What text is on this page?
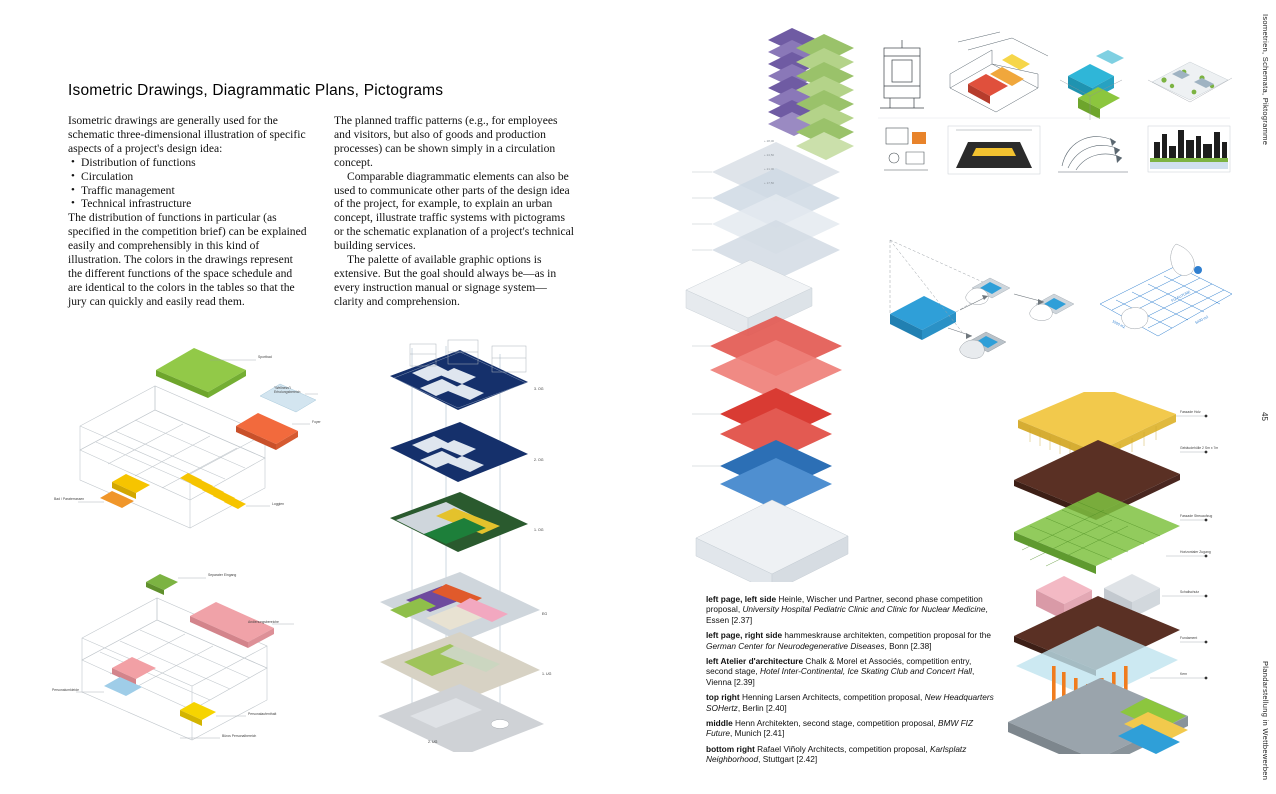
Isometric Drawings, Diagrammatic Plans, Pictograms

Isometric drawings are generally used for the schematic three-dimensional illustration of specific aspects of a project's design idea:

• Distribution of functions
• Circulation
• Traffic management
• Technical infrastructure

The distribution of functions in particular (as specified in the competition brief) can be explained easily and comprehensibly in this kind of illustration. The colors in the drawings represent the different functions of the space schedule and are identical to the colors in the tables so that the jury can quickly and easily read them.

The planned traffic patterns (e.g., for employees and visitors, but also of goods and production processes) can be shown simply in a circulation concept.

Comparable diagrammatic elements can also be used to communicate other parts of the design idea of the project, for example, to explain an urban concept, illustrate traffic systems with pictograms or the schematic explanation of a project's technical building services.

The palette of available graphic options is extensive. But the goal should always be—as in every instruction manual or signage system—clarity and comprehension.

Sportbad
"Wellness"/ Erholungsbereich
Foyer
Bad / Paraterrassen
Loggien
Separater Eingang
Andienungsbereiche
Personalumkleide
Personalaufenthalt
Büros Personalbereich
3. OG
2. OG
1. OG
EG
1. UG
2. UG
+ 28,00
+ 24,50
+ 21,00
+ 17,50
FIZ FUTURE
1500 m2	5400 m2
Fassade Holz
Gebäudehülle 2 Sm x 7m
Fassade Streuaufzug
Horizontaler Zugang
Schallschutz
Fundament
Kern
left page, left side Heinle, Wischer und Partner, second phase competition proposal, University Hospital Pediatric Clinic and Clinic for Nuclear Medicine, Essen [2.37]
left page, right side hammeskrause architekten, competition proposal for the German Center for Neurodegenerative Diseases, Bonn [2.38]
left Atelier d'architecture Chalk & Morel et Associés, competition entry, second stage, Hotel Inter-Continental, Ice Skating Club and Concert Hall, Vienna [2.39]
top right Henning Larsen Architects, competition proposal, New Headquarters SOHertz, Berlin [2.40]
middle Henn Architekten, second stage, competition proposal, BMW FIZ Future, Munich [2.41]
bottom right Rafael Viñoly Architects, competition proposal, Karlsplatz Neighborhood, Stuttgart [2.42]
Isometrien, Schemata, Piktogramme
45
Plandarstellung in Wettbewerben
